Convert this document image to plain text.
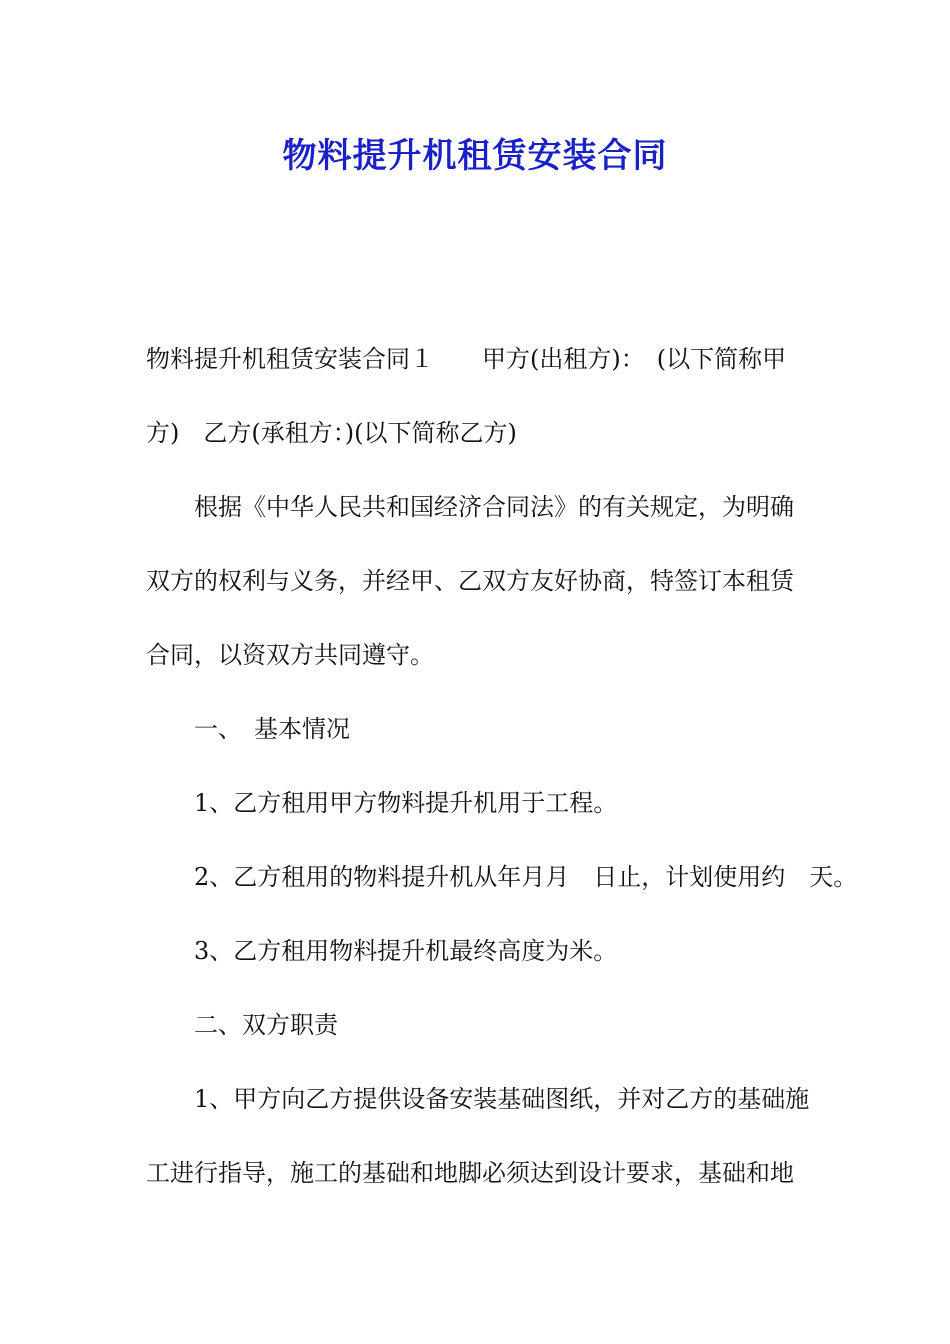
物料提升机租赁安装合同
物料提升机租赁安装合同１　　甲方(出租方)：　(以下简称甲
方)　乙方(承租方：)(以下简称乙方)
根据《中华人民共和国经济合同法》的有关规定，为明确
双方的权利与义务，并经甲、乙双方友好协商，特签订本租赁
合同，以资双方共同遵守。
一、　基本情况
1、乙方租用甲方物料提升机用于工程。
2、乙方租用的物料提升机从年月月　日止，计划使用约　天。
3、乙方租用物料提升机最终高度为米。
二、双方职责
1、甲方向乙方提供设备安装基础图纸，并对乙方的基础施
工进行指导，施工的基础和地脚必须达到设计要求，基础和地
